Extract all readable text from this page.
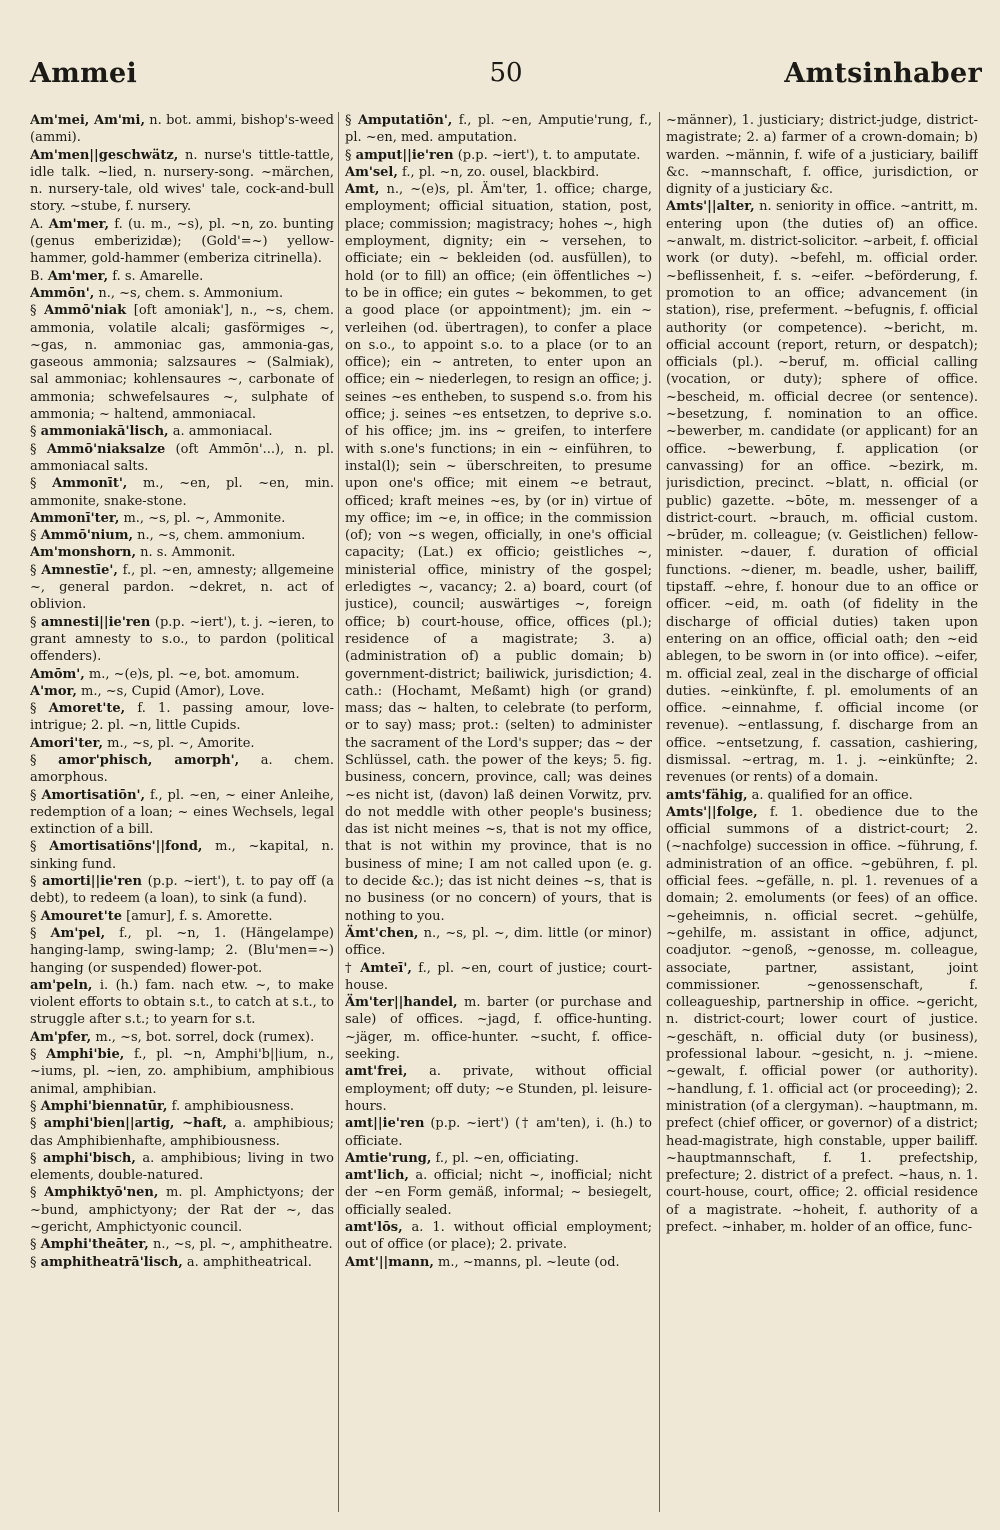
Ammei	50	Amtsinhaber

Am'mei, Am'mi, n. bot. ammi, bishop's-weed (ammi).

Am'men||geschwätz, n. nurse's tittle-tattle, idle talk. ~lied, n. nursery-song. ~märchen, n. nursery-tale, old wives' tale, cock-and-bull story. ~stube, f. nursery.

A. Am'mer, f. (u. m., ~s), pl. ~n, zo. bunting (genus emberizidæ); (Gold'=~) yellow-hammer, gold-hammer (emberiza citrinella).

B. Am'mer, f. s. Amarelle.

Ammōn', n., ~s, chem. s. Ammonium.

§ Ammō'niak [oft amoniak'], n., ~s, chem. ammonia, volatile alcali; gasförmiges ~, ~gas, n. ammoniac gas, ammonia-gas, gaseous ammonia; salzsaures ~ (Salmiak), sal ammoniac; kohlensaures ~, carbonate of ammonia; schwefelsaures ~, sulphate of ammonia; ~ haltend, ammoniacal.

§ ammoniakā'lisch, a. ammoniacal.

§ Ammō'niaksalze (oft Ammōn'...), n. pl. ammoniacal salts.

§ Ammonīt', m., ~en, pl. ~en, min. ammonite, snake-stone.

Ammonī'ter, m., ~s, pl. ~, Ammonite.

§ Ammō'nium, n., ~s, chem. ammonium.

Am'monshorn, n. s. Ammonit.

§ Amnestīe', f., pl. ~en, amnesty; allgemeine ~, general pardon. ~dekret, n. act of oblivion.

§ amnesti||ie'ren (p.p. ~iert'), t. j. ~ieren, to grant amnesty to s.o., to pardon (political offenders).

Amōm', m., ~(e)s, pl. ~e, bot. amomum.

A'mor, m., ~s, Cupid (Amor), Love.

§ Amoret'te, f. 1. passing amour, love-intrigue; 2. pl. ~n, little Cupids.

Amori'ter, m., ~s, pl. ~, Amorite.

§ amor'phisch, amorph', a. chem. amorphous.

§ Amortisatiōn', f., pl. ~en, ~ einer Anleihe, redemption of a loan; ~ eines Wechsels, legal extinction of a bill.

§ Amortisatiōns'||fond, m., ~kapital, n. sinking fund.

§ amorti||ie'ren (p.p. ~iert'), t. to pay off (a debt), to redeem (a loan), to sink (a fund).

§ Amouret'te [amur], f. s. Amorette.

§ Am'pel, f., pl. ~n, 1. (Hängelampe) hanging-lamp, swing-lamp; 2. (Blu'men=~) hanging (or suspended) flower-pot.

am'peln, i. (h.) fam. nach etw. ~, to make violent efforts to obtain s.t., to catch at s.t., to struggle after s.t.; to yearn for s.t.

Am'pfer, m., ~s, bot. sorrel, dock (rumex).

§ Amphi'bie, f., pl. ~n, Amphi'b||ium, n., ~iums, pl. ~ien, zo. amphibium, amphibious animal, amphibian.

§ Amphi'biennatūr, f. amphibiousness.

§ amphi'bien||artig, ~haft, a. amphibious; das Amphibienhafte, amphibiousness.

§ amphi'bisch, a. amphibious; living in two elements, double-natured.

§ Amphiktyō'nen, m. pl. Amphictyons; der ~bund, amphictyony; der Rat der ~, das ~gericht, Amphictyonic council.

§ Amphi'theāter, n., ~s, pl. ~, amphitheatre.

§ amphitheatrā'lisch, a. amphitheatrical.

§ Amputatiōn', f., pl. ~en, Amputie'rung, f., pl. ~en, med. amputation.

§ amput||ie'ren (p.p. ~iert'), t. to amputate.

Am'sel, f., pl. ~n, zo. ousel, blackbird.

Amt, n., ~(e)s, pl. Äm'ter, 1. office; charge, employment; official situation, station, post, place; commission; magistracy; hohes ~, high employment, dignity; ein ~ versehen, to officiate; ein ~ bekleiden (od. ausfüllen), to hold (or to fill) an office; (ein öffentliches ~) to be in office; ein gutes ~ bekommen, to get a good place (or appointment); jm. ein ~ verleihen (od. übertragen), to confer a place on s.o., to appoint s.o. to a place (or to an office); ein ~ antreten, to enter upon an office; ein ~ niederlegen, to resign an office; j. seines ~es entheben, to suspend s.o. from his office; j. seines ~es entsetzen, to deprive s.o. of his office; jm. ins ~ greifen, to interfere with s.one's functions; in ein ~ einführen, to instal(l); sein ~ überschreiten, to presume upon one's office; mit einem ~e betraut, officed; kraft meines ~es, by (or in) virtue of my office; im ~e, in office; in the commission (of); von ~s wegen, officially, in one's official capacity; (Lat.) ex officio; geistliches ~, ministerial office, ministry of the gospel; erledigtes ~, vacancy; 2. a) board, court (of justice), council; auswärtiges ~, foreign office; b) court-house, office, offices (pl.); residence of a magistrate; 3. a) (administration of) a public domain; b) government-district; bailiwick, jurisdiction; 4. cath.: (Hochamt, Meßamt) high (or grand) mass; das ~ halten, to celebrate (to perform, or to say) mass; prot.: (selten) to administer the sacrament of the Lord's supper; das ~ der Schlüssel, cath. the power of the keys; 5. fig. business, concern, province, call; was deines ~es nicht ist, (davon) laß deinen Vorwitz, prv. do not meddle with other people's business; das ist nicht meines ~s, that is not my office, that is not within my province, that is no business of mine; I am not called upon (e. g. to decide &c.); das ist nicht deines ~s, that is no business (or no concern) of yours, that is nothing to you.

Ämt'chen, n., ~s, pl. ~, dim. little (or minor) office.

† Amteī', f., pl. ~en, court of justice; court-house.

Äm'ter||handel, m. barter (or purchase and sale) of offices. ~jagd, f. office-hunting. ~jäger, m. office-hunter. ~sucht, f. office-seeking.

amt'frei, a. private, without official employment; off duty; ~e Stunden, pl. leisure-hours.

amt||ie'ren (p.p. ~iert') († am'ten), i. (h.) to officiate.

Amtie'rung, f., pl. ~en, officiating.

amt'lich, a. official; nicht ~, inofficial; nicht der ~en Form gemäß, informal; ~ besiegelt, officially sealed.

amt'lōs, a. 1. without official employment; out of office (or place); 2. private.

Amt'||mann, m., ~manns, pl. ~leute (od.

~männer), 1. justiciary; district-judge, district-magistrate; 2. a) farmer of a crown-domain; b) warden. ~männin, f. wife of a justiciary, bailiff &c. ~mannschaft, f. office, jurisdiction, or dignity of a justiciary &c.

Amts'||alter, n. seniority in office. ~antritt, m. entering upon (the duties of) an office. ~anwalt, m. district-solicitor. ~arbeit, f. official work (or duty). ~befehl, m. official order. ~beflissenheit, f. s. ~eifer. ~beförderung, f. promotion to an office; advancement (in station), rise, preferment. ~befugnis, f. official authority (or competence). ~bericht, m. official account (report, return, or despatch); officials (pl.). ~beruf, m. official calling (vocation, or duty); sphere of office. ~bescheid, m. official decree (or sentence). ~besetzung, f. nomination to an office. ~bewerber, m. candidate (or applicant) for an office. ~bewerbung, f. application (or canvassing) for an office. ~bezirk, m. jurisdiction, precinct. ~blatt, n. official (or public) gazette. ~bōte, m. messenger of a district-court. ~brauch, m. official custom. ~brūder, m. colleague; (v. Geistlichen) fellow-minister. ~dauer, f. duration of official functions. ~diener, m. beadle, usher, bailiff, tipstaff. ~ehre, f. honour due to an office or officer. ~eid, m. oath (of fidelity in the discharge of official duties) taken upon entering on an office, official oath; den ~eid ablegen, to be sworn in (or into office). ~eifer, m. official zeal, zeal in the discharge of official duties. ~einkünfte, f. pl. emoluments of an office. ~einnahme, f. official income (or revenue). ~entlassung, f. discharge from an office. ~entsetzung, f. cassation, cashiering, dismissal. ~ertrag, m. 1. j. ~einkünfte; 2. revenues (or rents) of a domain.

amts'fähig, a. qualified for an office.

Amts'||folge, f. 1. obedience due to the official summons of a district-court; 2. (~nachfolge) succession in office. ~führung, f. administration of an office. ~gebühren, f. pl. official fees. ~gefälle, n. pl. 1. revenues of a domain; 2. emoluments (or fees) of an office. ~geheimnis, n. official secret. ~gehülfe, ~gehilfe, m. assistant in office, adjunct, coadjutor. ~genoß, ~genosse, m. colleague, associate, partner, assistant, joint commissioner. ~genossenschaft, f. colleagueship, partnership in office. ~gericht, n. district-court; lower court of justice. ~geschäft, n. official duty (or business), professional labour. ~gesicht, n. j. ~miene. ~gewalt, f. official power (or authority). ~handlung, f. 1. official act (or proceeding); 2. ministration (of a clergyman). ~hauptmann, m. prefect (chief officer, or governor) of a district; head-magistrate, high constable, upper bailiff. ~hauptmannschaft, f. 1. prefectship, prefecture; 2. district of a prefect. ~haus, n. 1. court-house, court, office; 2. official residence of a magistrate. ~hoheit, f. authority of a prefect. ~inhaber, m. holder of an office, func-
